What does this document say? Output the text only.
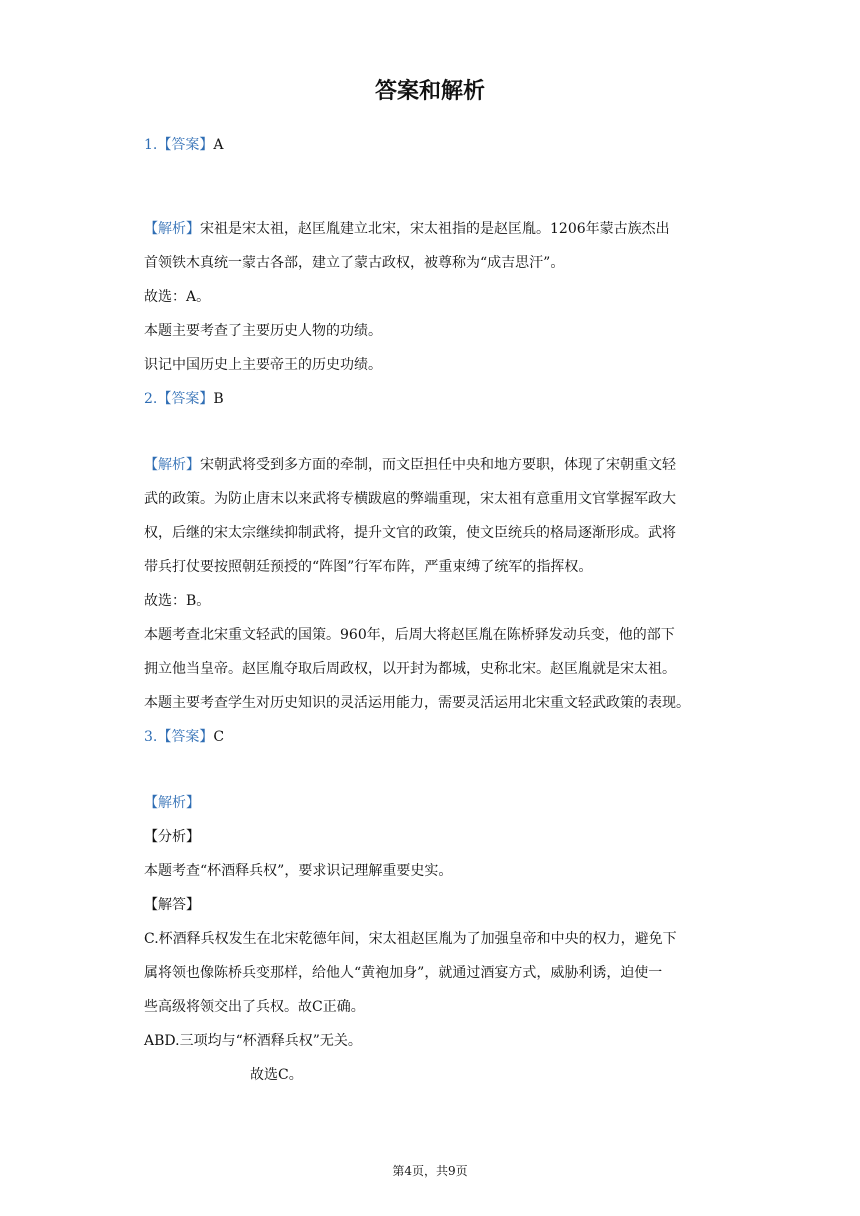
答案和解析
1.【答案】A
【解析】宋祖是宋太祖，赵匡胤建立北宋，宋太祖指的是赵匡胤。1206年蒙古族杰出
首领铁木真统一蒙古各部，建立了蒙古政权，被尊称为“成吉思汗”。
故选：A。
本题主要考查了主要历史人物的功绩。
识记中国历史上主要帝王的历史功绩。
2.【答案】B
【解析】宋朝武将受到多方面的牵制，而文臣担任中央和地方要职，体现了宋朝重文轻
武的政策。为防止唐末以来武将专横跋扈的弊端重现，宋太祖有意重用文官掌握军政大
权，后继的宋太宗继续抑制武将，提升文官的政策，使文臣统兵的格局逐渐形成。武将
带兵打仗要按照朝廷预授的“阵图”行军布阵，严重束缚了统军的指挥权。
故选：B。
本题考查北宋重文轻武的国策。960年，后周大将赵匡胤在陈桥驿发动兵变，他的部下
拥立他当皇帝。赵匡胤夺取后周政权，以开封为都城，史称北宋。赵匡胤就是宋太祖。
本题主要考查学生对历史知识的灵活运用能力，需要灵活运用北宋重文轻武政策的表现。
3.【答案】C
【解析】
【分析】
本题考查“杯酒释兵权”，要求识记理解重要史实。
【解答】
C.杯酒释兵权发生在北宋乾德年间，宋太祖赵匡胤为了加强皇帝和中央的权力，避免下
属将领也像陈桥兵变那样，给他人“黄袍加身”，就通过酒宴方式，威胁利诱，迫使一
些高级将领交出了兵权。故C正确。
ABD.三项均与“杯酒释兵权”无关。
故选C。
第4页，共9页
